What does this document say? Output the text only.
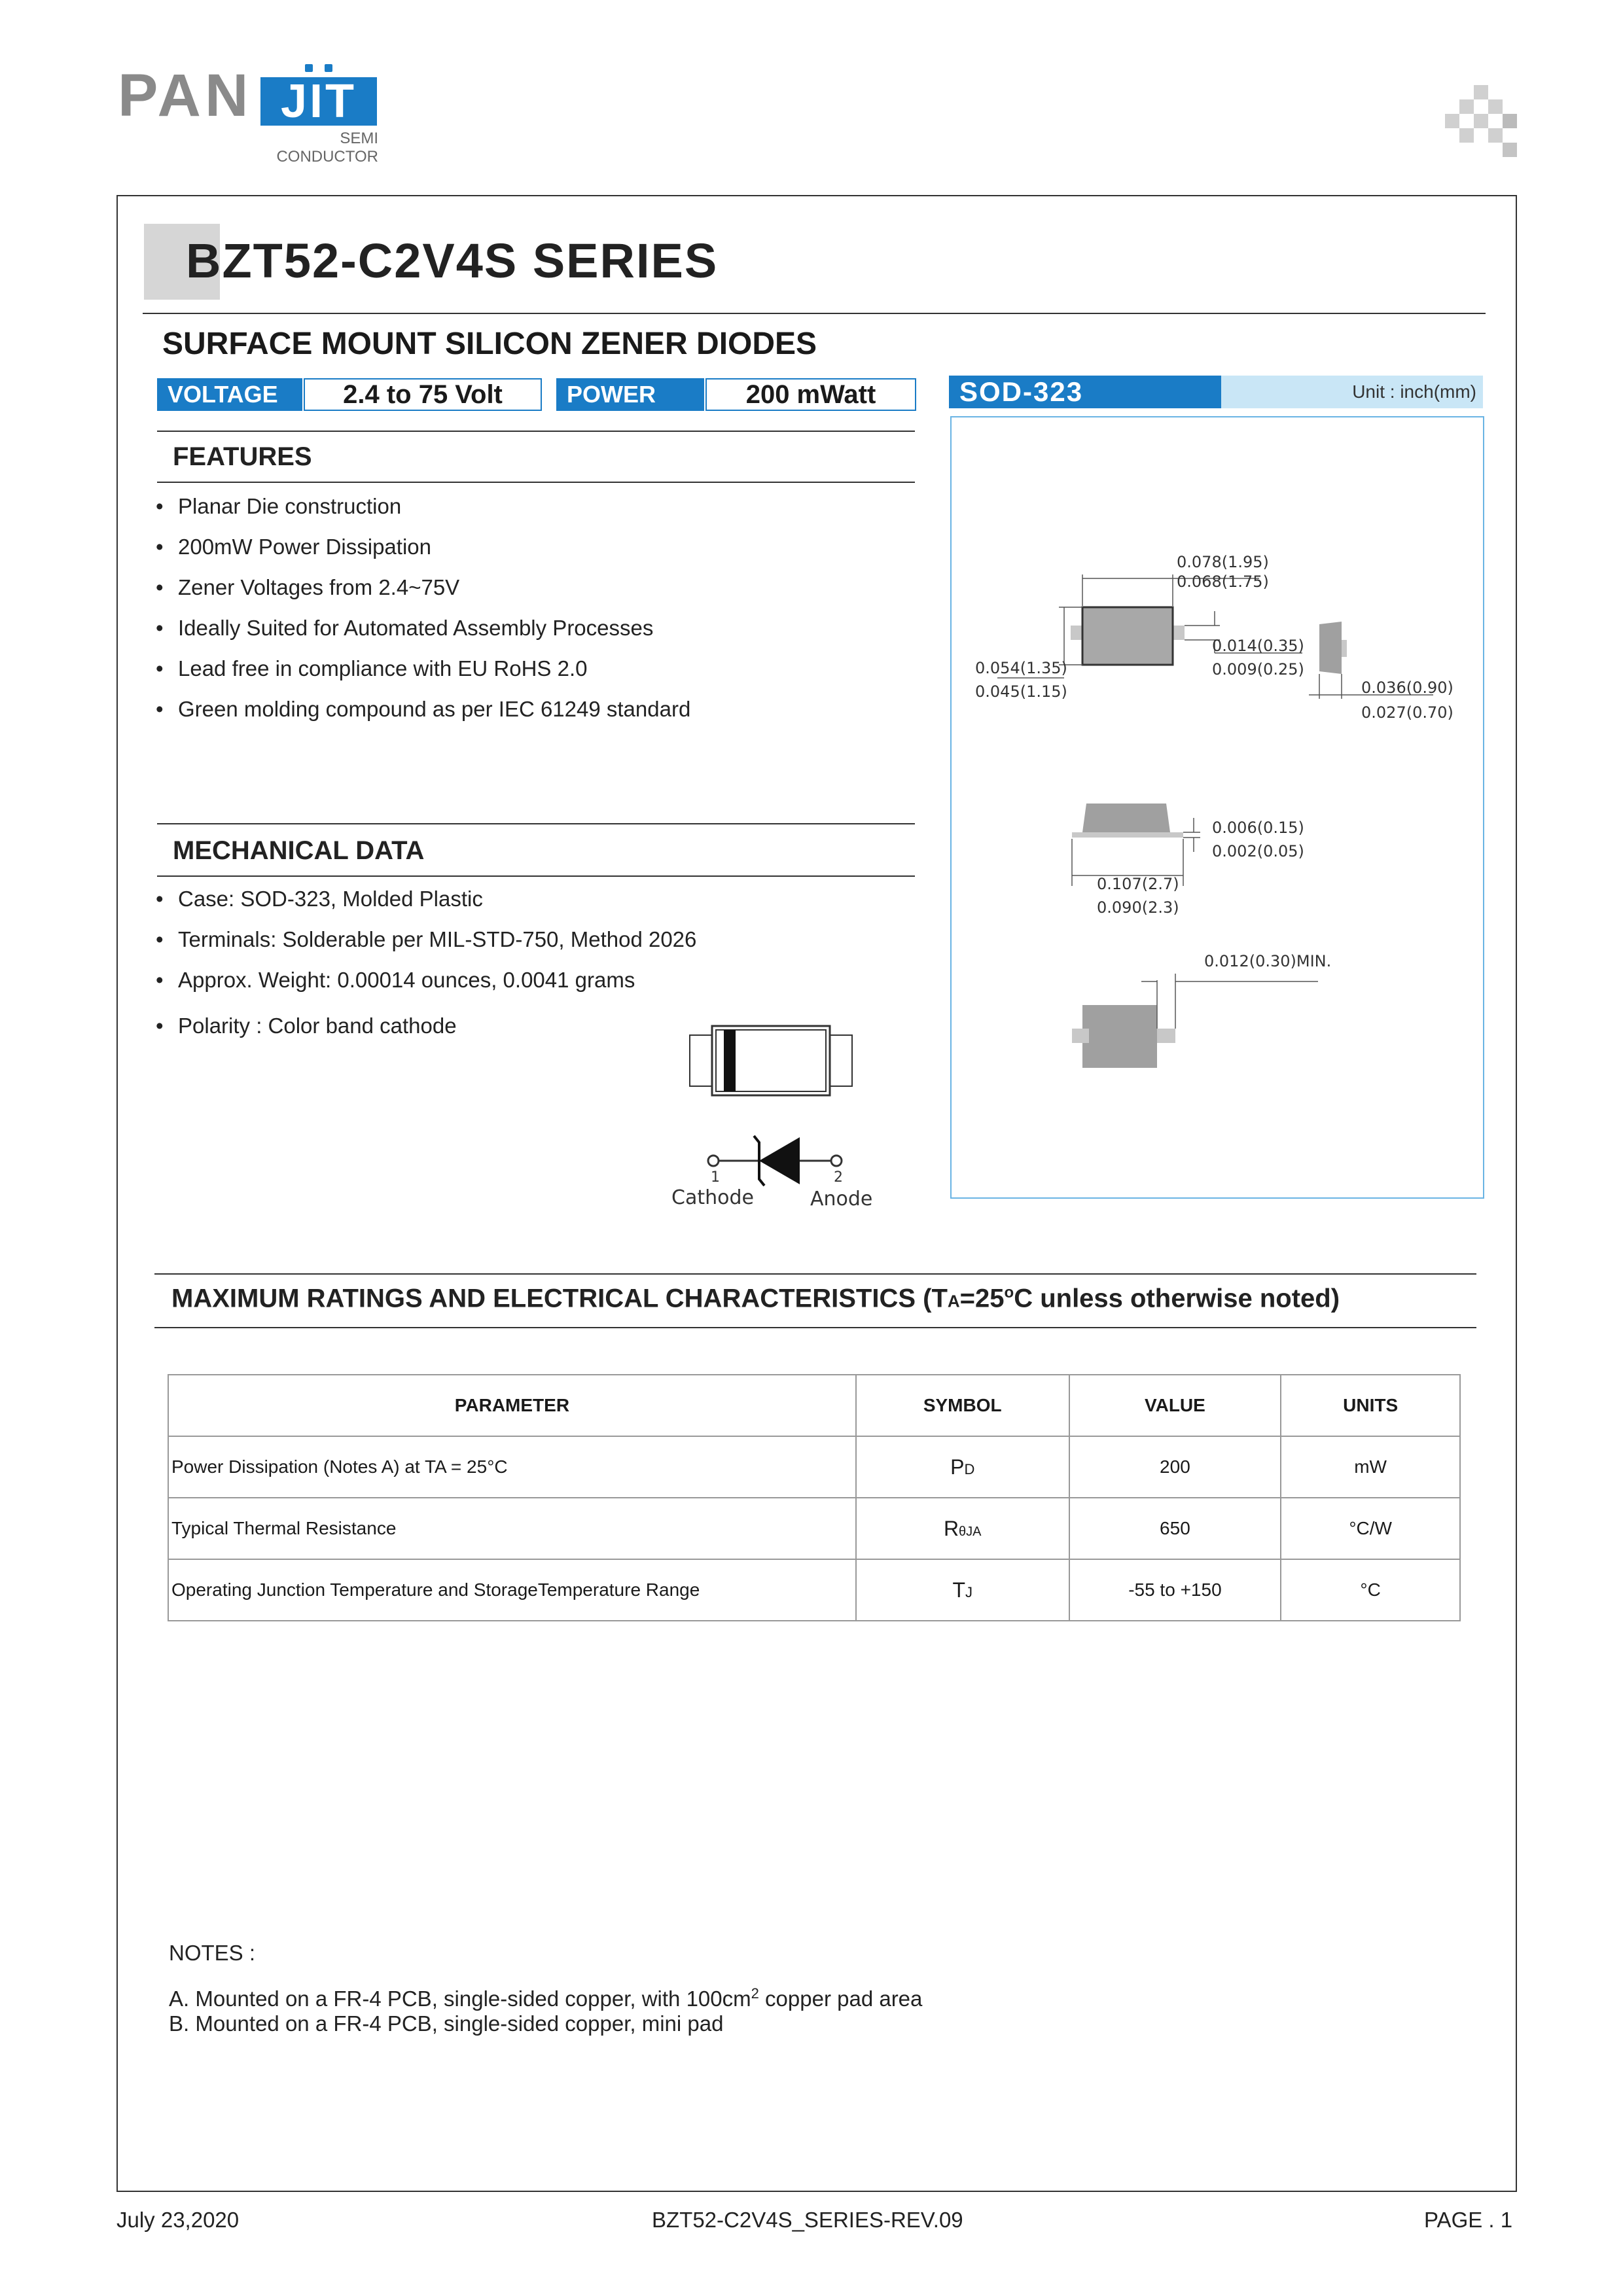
PAN JIT
SEMI
CONDUCTOR
BZT52-C2V4S SERIES
SURFACE MOUNT SILICON ZENER DIODES
VOLTAGE	2.4 to 75 Volt	POWER	200 mWatt	SOD-323	Unit : inch(mm)
FEATURES
• Planar Die construction
• 200mW Power Dissipation
• Zener Voltages from 2.4~75V
• Ideally Suited for Automated Assembly Processes
• Lead free in compliance with EU RoHS 2.0
• Green molding compound as per IEC 61249 standard
MECHANICAL DATA
• Case: SOD-323, Molded Plastic
• Terminals: Solderable per MIL-STD-750, Method 2026
• Approx. Weight: 0.00014 ounces, 0.0041 grams
• Polarity : Color band cathode
1	2
Cathode	Anode
0.078(1.95)
0.068(1.75)
0.014(0.35)
0.009(0.25)
0.054(1.35)
0.045(1.15)	0.036(0.90)
0.027(0.70)
0.006(0.15)
0.002(0.05)
0.107(2.7)
0.090(2.3)
0.012(0.30)MIN.
MAXIMUM RATINGS AND ELECTRICAL CHARACTERISTICS ($TA=25^oC$ unless otherwise noted)
PARAMETER	SYMBOL	VALUE	UNITS
Power Dissipation (Notes A) at TA = 25°C	PD	200	mW
Typical Thermal Resistance	RθJA	650	°C/W
Operating Junction Temperature and StorageTemperature Range	TJ	-55 to +150	°C
NOTES :
A. Mounted on a FR-4 PCB, single-sided copper, with $100cm^2$ copper pad area
B. Mounted on a FR-4 PCB, single-sided copper, mini pad
July 23,2020	BZT52-C2V4S_SERIES-REV.09	PAGE . 1
